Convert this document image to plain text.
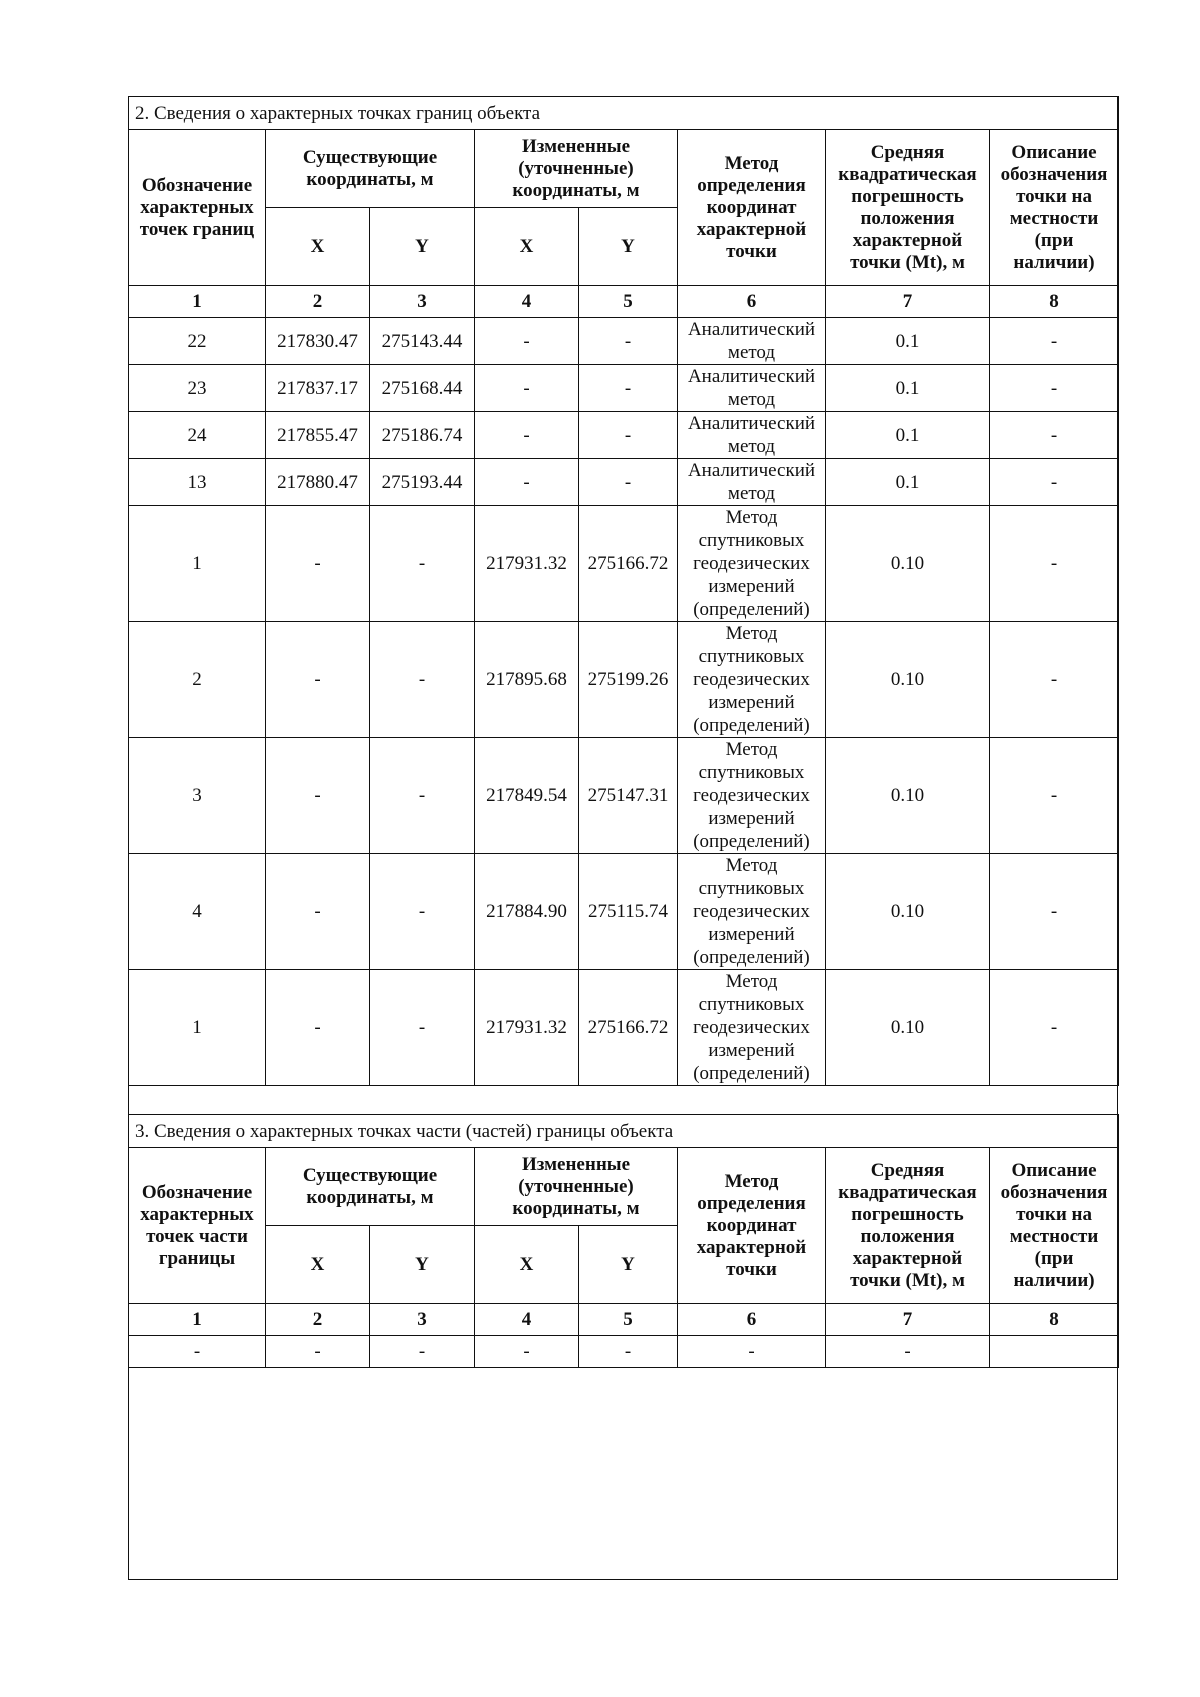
2. Сведения о характерных точках границ объекта							
Обозначение характерных точек границ	Существующие координаты, м		Измененные (уточненные) координаты, м		Метод определения координат характерной точки	Средняя квадратическая погрешность положения характерной точки (Mt), м	Описание обозначения точки на местности (при наличии)
	X	Y	X	Y			
1	2	3	4	5	6	7	8
22	217830.47	275143.44	-	-	Аналитический метод	0.1	-
23	217837.17	275168.44	-	-	Аналитический метод	0.1	-
24	217855.47	275186.74	-	-	Аналитический метод	0.1	-
13	217880.47	275193.44	-	-	Аналитический метод	0.1	-
1	-	-	217931.32	275166.72	Метод спутниковых геодезических измерений (определений)	0.10	-
2	-	-	217895.68	275199.26	Метод спутниковых геодезических измерений (определений)	0.10	-
3	-	-	217849.54	275147.31	Метод спутниковых геодезических измерений (определений)	0.10	-
4	-	-	217884.90	275115.74	Метод спутниковых геодезических измерений (определений)	0.10	-
1	-	-	217931.32	275166.72	Метод спутниковых геодезических измерений (определений)	0.10	-
3. Сведения о характерных точках части (частей) границы объекта							
Обозначение характерных точек части границы	Существующие координаты, м		Измененные (уточненные) координаты, м		Метод определения координат характерной точки	Средняя квадратическая погрешность положения характерной точки (Mt), м	Описание обозначения точки на местности (при наличии)
	X	Y	X	Y			
1	2	3	4	5	6	7	8
-	-	-	-	-	-	-	
